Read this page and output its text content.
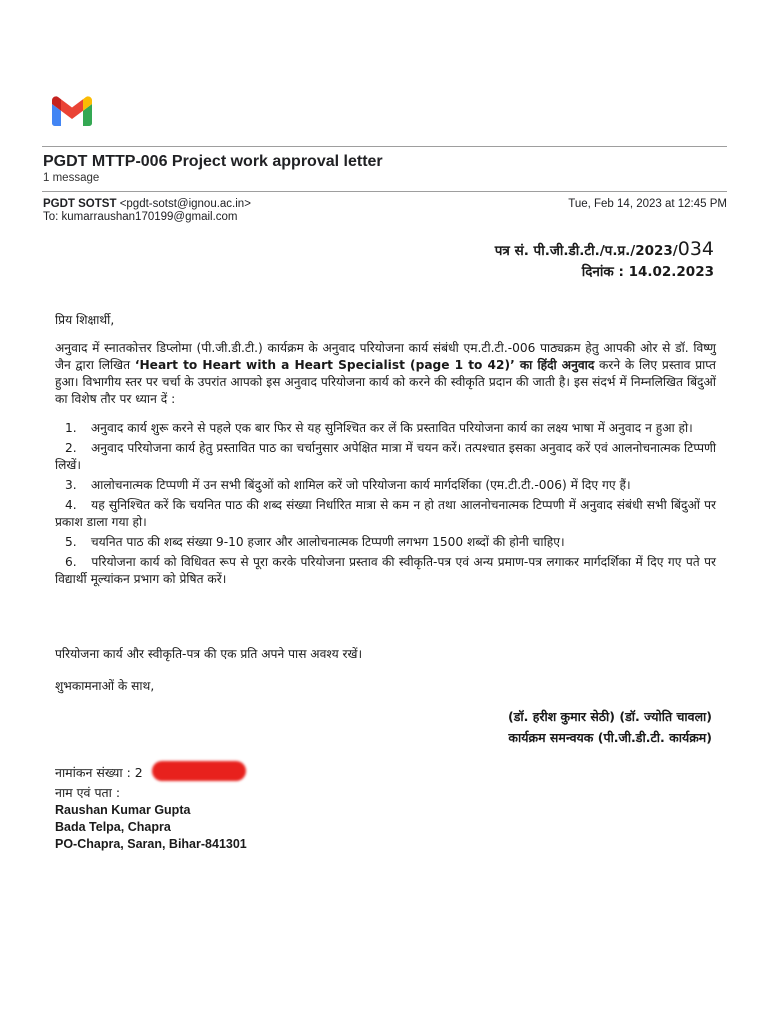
PGDT MTTP-006 Project work approval letter
1 message
PGDT SOTST <pgdt-sotst@ignou.ac.in>
To: kumarraushan170199@gmail.com
Tue, Feb 14, 2023 at 12:45 PM
पत्र सं. पी.जी.डी.टी./प.प्र./2023/034
दिनांक : 14.02.2023
प्रिय शिक्षार्थी,
अनुवाद में स्नातकोत्तर डिप्लोमा (पी.जी.डी.टी.) कार्यक्रम के अनुवाद परियोजना कार्य संबंधी एम.टी.टी.-006 पाठ्यक्रम हेतु आपकी ओर से डॉ. विष्णु जैन द्वारा लिखित ‘Heart to Heart with a Heart Specialist (page 1 to 42)’ का हिंदी अनुवाद करने के लिए प्रस्ताव प्राप्त हुआ। विभागीय स्तर पर चर्चा के उपरांत आपको इस अनुवाद परियोजना कार्य को करने की स्वीकृति प्रदान की जाती है। इस संदर्भ में निम्नलिखित बिंदुओं का विशेष तौर पर ध्यान दें :
1. अनुवाद कार्य शुरू करने से पहले एक बार फिर से यह सुनिश्चित कर लें कि प्रस्तावित परियोजना कार्य का लक्ष्य भाषा में अनुवाद न हुआ हो।
2. अनुवाद परियोजना कार्य हेतु प्रस्तावित पाठ का चर्चानुसार अपेक्षित मात्रा में चयन करें। तत्पश्चात इसका अनुवाद करें एवं आलनोचनात्मक टिप्पणी लिखें।
3. आलोचनात्मक टिप्पणी में उन सभी बिंदुओं को शामिल करें जो परियोजना कार्य मार्गदर्शिका (एम.टी.टी.-006) में दिए गए हैं।
4. यह सुनिश्चित करें कि चयनित पाठ की शब्द संख्या निर्धारित मात्रा से कम न हो तथा आलनोचनात्मक टिप्पणी में अनुवाद संबंधी सभी बिंदुओं पर प्रकाश डाला गया हो।
5. चयनित पाठ की शब्द संख्या 9-10 हजार और आलोचनात्मक टिप्पणी लगभग 1500 शब्दों की होनी चाहिए।
6. परियोजना कार्य को विधिवत रूप से पूरा करके परियोजना प्रस्ताव की स्वीकृति-पत्र एवं अन्य प्रमाण-पत्र लगाकर मार्गदर्शिका में दिए गए पते पर विद्यार्थी मूल्यांकन प्रभाग को प्रेषित करें।
परियोजना कार्य और स्वीकृति-पत्र की एक प्रति अपने पास अवश्य रखें।
शुभकामनाओं के साथ,
(डॉ. हरीश कुमार सेठी) (डॉ. ज्योति चावला)
कार्यक्रम समन्वयक (पी.जी.डी.टी. कार्यक्रम)
नामांकन संख्या : 2
नाम एवं पता :
Raushan Kumar Gupta
Bada Telpa, Chapra
PO-Chapra, Saran, Bihar-841301
